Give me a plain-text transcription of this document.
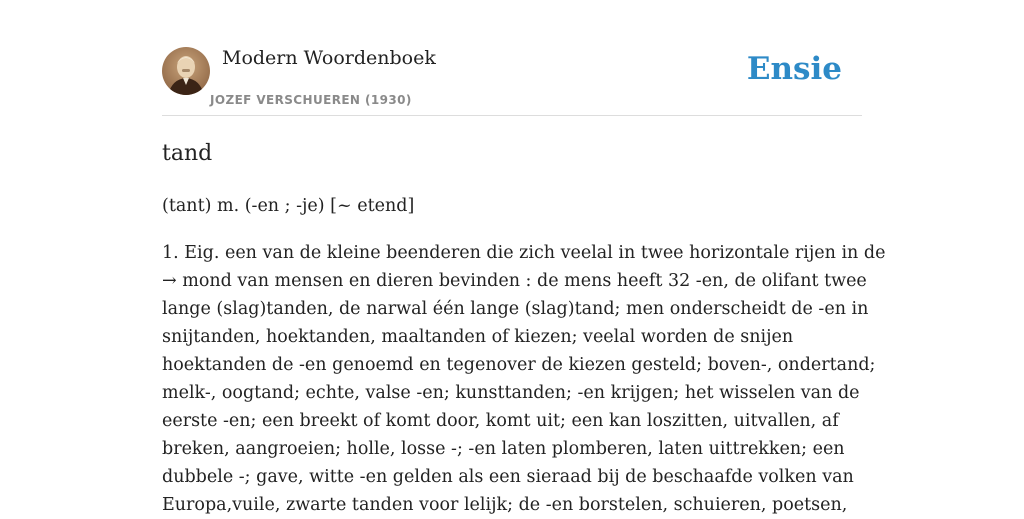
Modern Woordenboek
JOZEF VERSCHUEREN (1930)
Ensie
tand
(tant) m. (-en ; -je) [~ etend]
1. Eig. een van de kleine beenderen die zich veelal in twee horizontale rijen in de
→ mond van mensen en dieren bevinden : de mens heeft 32 -en, de olifant twee
lange (slag)tanden, de narwal één lange (slag)tand; men onderscheidt de -en in
snijtanden, hoektanden, maaltanden of kiezen; veelal worden de snijen
hoektanden de -en genoemd en tegenover de kiezen gesteld; boven-, ondertand;
melk-, oogtand; echte, valse -en; kunsttanden; -en krijgen; het wisselen van de
eerste -en; een breekt of komt door, komt uit; een kan loszitten, uitvallen, af
breken, aangroeien; holle, losse -; -en laten plomberen, laten uittrekken; een
dubbele -; gave, witte -en gelden als een sieraad bij de beschaafde volken van
Europa,vuile, zwarte tanden voor lelijk; de -en borstelen, schuieren, poetsen,
